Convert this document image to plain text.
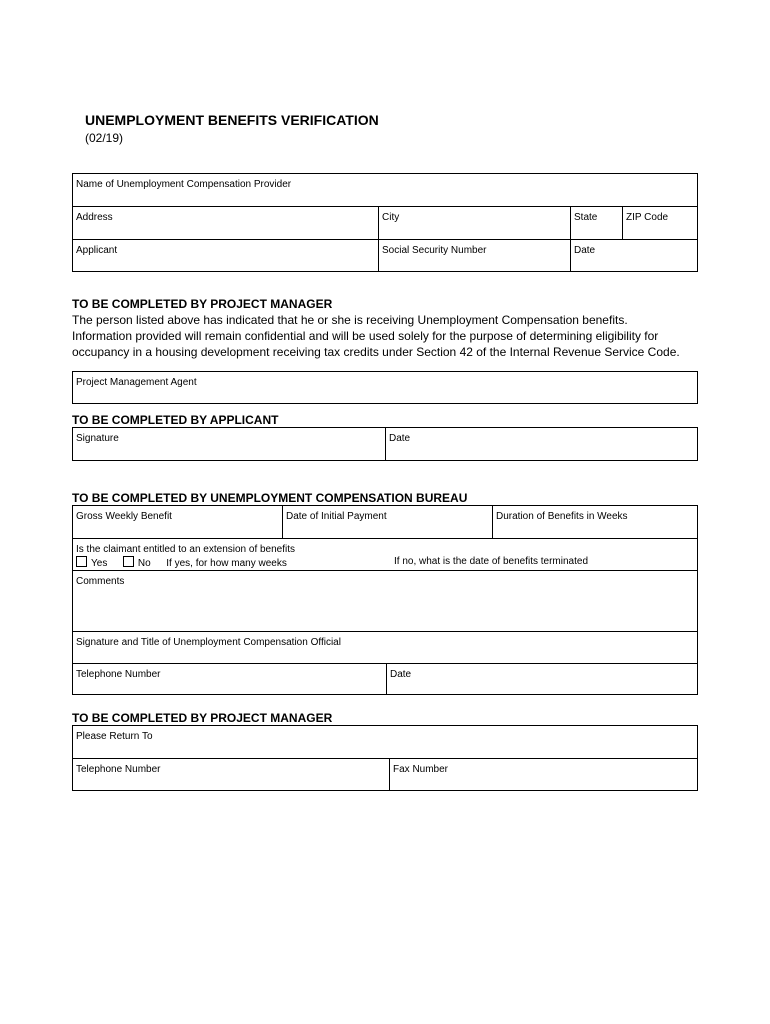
UNEMPLOYMENT BENEFITS VERIFICATION
(02/19)
Name of Unemployment Compensation Provider
Address	City	State	ZIP Code
Applicant	Social Security Number	Date
TO BE COMPLETED BY PROJECT MANAGER
The person listed above has indicated that he or she is receiving Unemployment Compensation benefits.
Information provided will remain confidential and will be used solely for the purpose of determining eligibility for
occupancy in a housing development receiving tax credits under Section 42 of the Internal Revenue Service Code.
Project Management Agent
TO BE COMPLETED BY APPLICANT
Signature	Date
TO BE COMPLETED BY UNEMPLOYMENT COMPENSATION BUREAU
Gross Weekly Benefit	Date of Initial Payment	Duration of Benefits in Weeks
Is the claimant entitled to an extension of benefits
Yes	No If yes, for how many weeks	If no, what is the date of benefits terminated
Comments
Signature and Title of Unemployment Compensation Official
Telephone Number	Date
TO BE COMPLETED BY PROJECT MANAGER
Please Return To
Telephone Number	Fax Number
